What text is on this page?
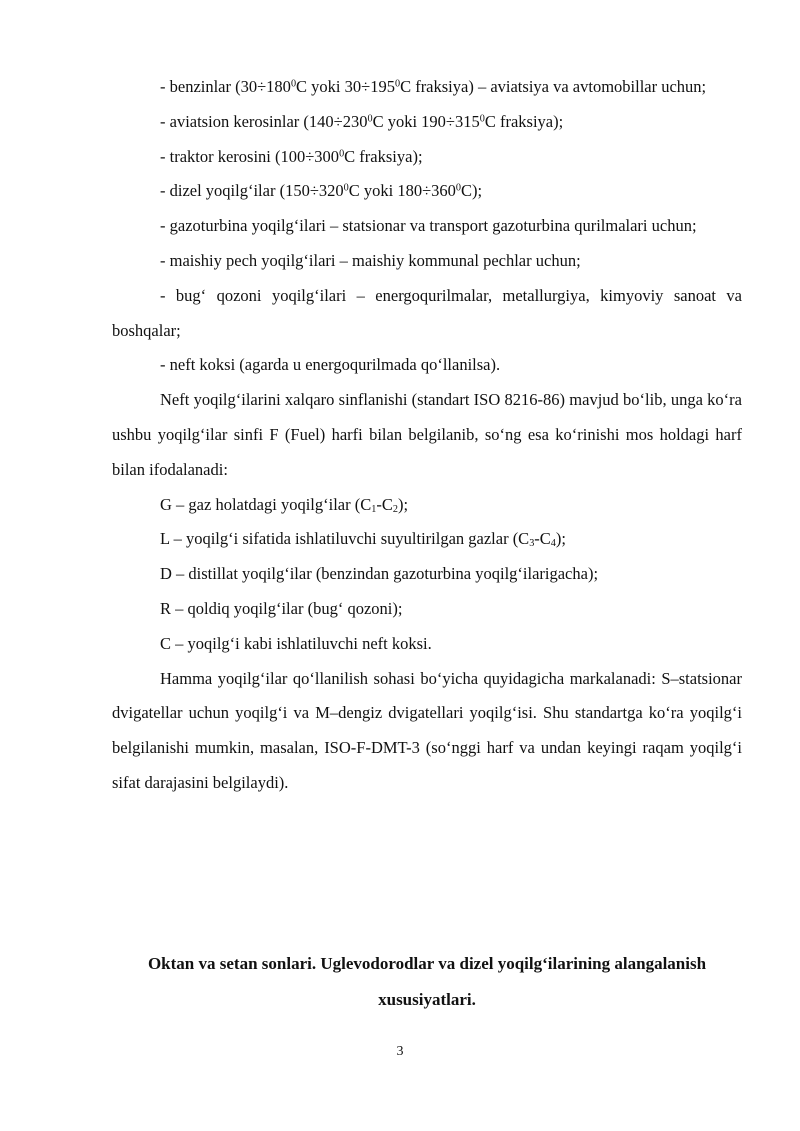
- benzinlar ($30\div 180^0C$ yoki $30\div 195^0C$ fraksiya) – aviatsiya va avtomobillar uchun;

- aviatsion kerosinlar ($140\div 230^0C$ yoki $190\div 315^0C$ fraksiya);

- traktor kerosini ($100\div 300^0C$ fraksiya);

- dizel yoqilg‘ilar ($150\div 320^0C$ yoki $180\div 360^0C$);

- gazoturbina yoqilg‘ilari – statsionar va transport gazoturbina qurilmalari uchun;

- maishiy pech yoqilg‘ilari – maishiy kommunal pechlar uchun;

- bug‘ qozoni yoqilg‘ilari – energoqurilmalar, metallurgiya, kimyoviy sanoat va boshqalar;

- neft koksi (agarda u energoqurilmada qo‘llanilsa).

Neft yoqilg‘ilarini xalqaro sinflanishi (standart ISO 8216-86) mavjud bo‘lib, unga ko‘ra ushbu yoqilg‘ilar sinfi F (Fuel) harfi bilan belgilanib, so‘ng esa ko‘rinishi mos holdagi harf bilan ifodalanadi:

G – gaz holatdagi yoqilg‘ilar $(C_1-C_2)$;

L – yoqilg‘i sifatida ishlatiluvchi suyultirilgan gazlar $(C_3-C_4)$;

D – distillat yoqilg‘ilar (benzindan gazoturbina yoqilg‘ilarigacha);

R – qoldiq yoqilg‘ilar (bug‘ qozoni);

C – yoqilg‘i kabi ishlatiluvchi neft koksi.

Hamma yoqilg‘ilar qo‘llanilish sohasi bo‘yicha quyidagicha markalanadi: S–statsionar dvigatellar uchun yoqilg‘i va M–dengiz dvigatellari yoqilg‘isi. Shu standartga ko‘ra yoqilg‘i belgilanishi mumkin, masalan, ISO-F-DMT-3 (so‘nggi harf va undan keyingi raqam yoqilg‘i sifat darajasini belgilaydi).

Oktan va setan sonlari. Uglevodorodlar va dizel yoqilg‘ilarining alangalanish xususiyatlari.
3
